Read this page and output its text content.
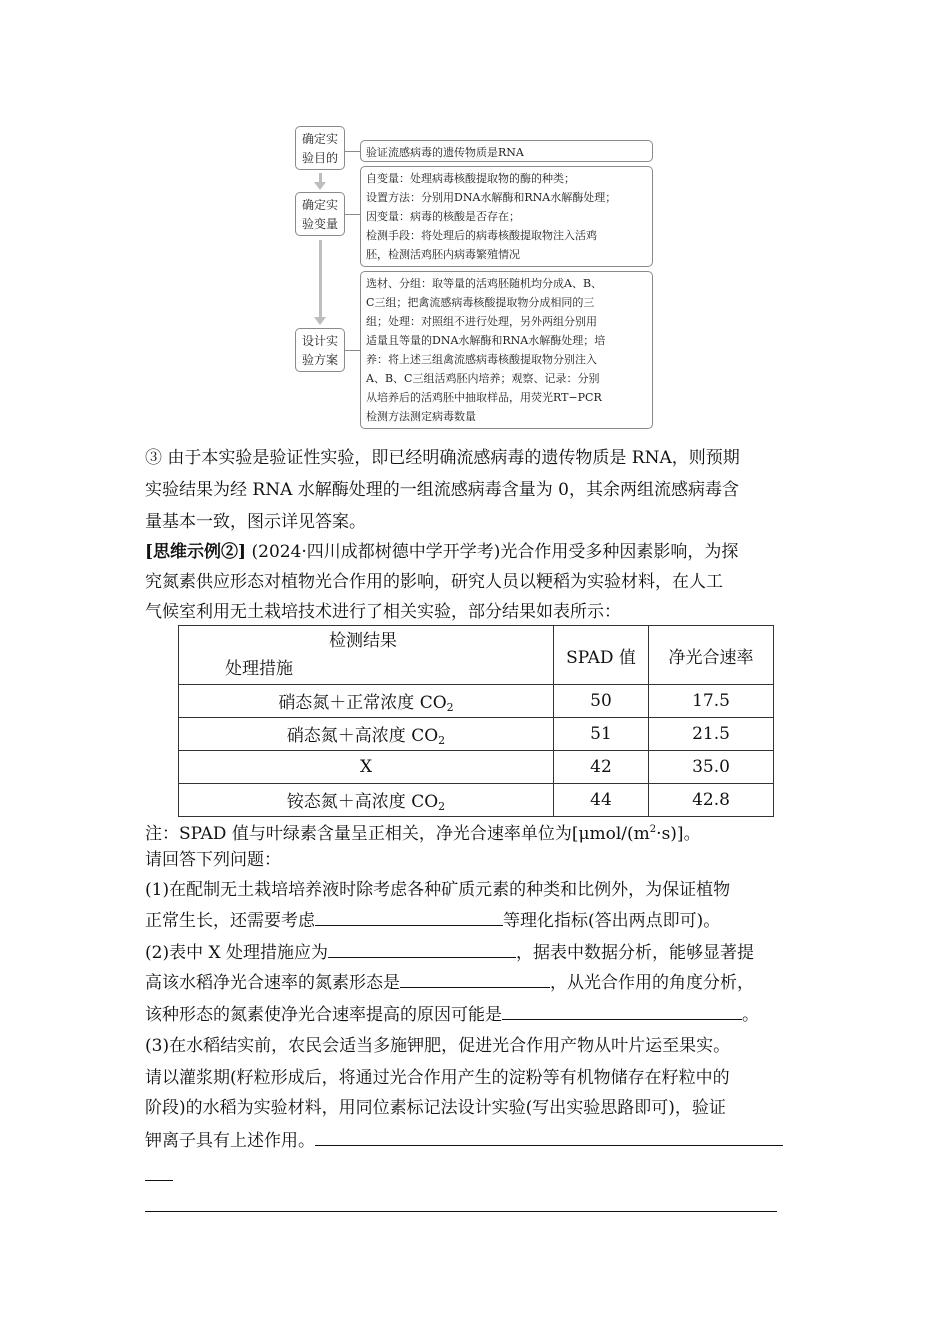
确定实
验目的	验证流感病毒的遗传物质是RNA
确定实
验变量
自变量：处理病毒核酸提取物的酶的种类；
设置方法：分别用DNA水解酶和RNA水解酶处理；
因变量：病毒的核酸是否存在；
检测手段：将处理后的病毒核酸提取物注入活鸡
胚，检测活鸡胚内病毒繁殖情况
设计实
验方案
选材、分组：取等量的活鸡胚随机均分成A、B、
C三组；把禽流感病毒核酸提取物分成相同的三
组；处理：对照组不进行处理，另外两组分别用
适量且等量的DNA水解酶和RNA水解酶处理；培
养：将上述三组禽流感病毒核酸提取物分别注入
A、B、C三组活鸡胚内培养；观察、记录：分别
从培养后的活鸡胚中抽取样品，用荧光RT−PCR
检测方法测定病毒数量
③ 由于本实验是验证性实验，即已经明确流感病毒的遗传物质是 RNA，则预期
实验结果为经 RNA 水解酶处理的一组流感病毒含量为 0，其余两组流感病毒含
量基本一致，图示详见答案。
[思维示例②] (2024·四川成都树德中学开学考)光合作用受多种因素影响，为探
究氮素供应形态对植物光合作用的影响，研究人员以粳稻为实验材料，在人工
气候室利用无土栽培技术进行了相关实验，部分结果如表所示：
检测结果
处理措施	SPAD 值	净光合速率
硝态氮＋正常浓度 $CO_2$	50	17.5
硝态氮＋高浓度 $CO_2$	51	21.5
X	42	35.0
铵态氮＋高浓度 $CO_2$	44	42.8
注：SPAD 值与叶绿素含量呈正相关，净光合速率单位为$[\mu mol/(m^2\cdot s)]$。
请回答下列问题：
(1)在配制无土栽培培养液时除考虑各种矿质元素的种类和比例外，为保证植物
正常生长，还需要考虑	等理化指标(答出两点即可)。
(2)表中 X 处理措施应为	，据表中数据分析，能够显著提
高该水稻净光合速率的氮素形态是	，从光合作用的角度分析，
该种形态的氮素使净光合速率提高的原因可能是	。
(3)在水稻结实前，农民会适当多施钾肥，促进光合作用产物从叶片运至果实。
请以灌浆期(籽粒形成后，将通过光合作用产生的淀粉等有机物储存在籽粒中的
阶段)的水稻为实验材料，用同位素标记法设计实验(写出实验思路即可)，验证
钾离子具有上述作用。
